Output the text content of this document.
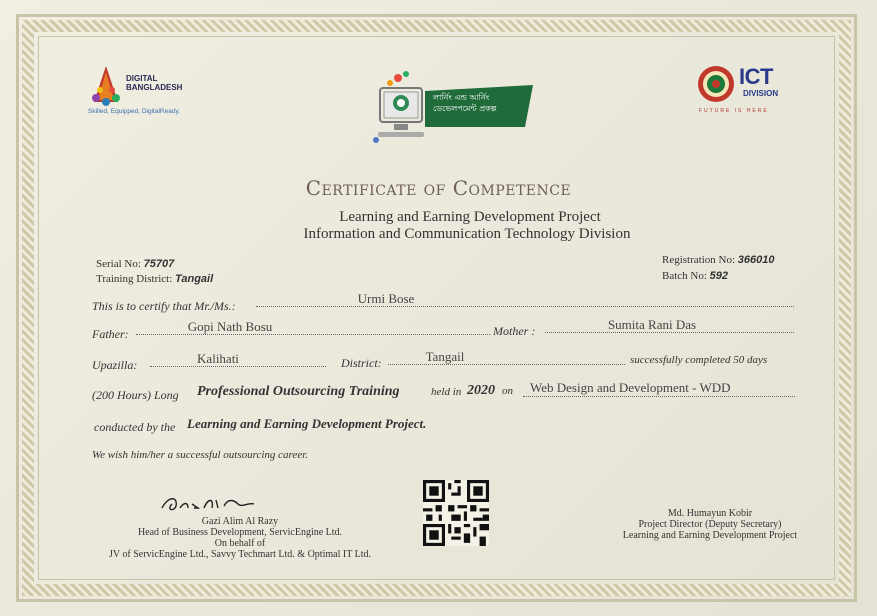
DIGITAL
BANGLADESH
Skilled, Equipped, DigitalReady.
লার্নিং এন্ড আর্নিং
ডেভেলপমেন্ট প্রকল্প
ICT
DIVISION
FUTURE IS HERE
Certificate of Competence
Learning and Earning Development Project
Information and Communication Technology Division
Serial No: 75707
Training District: Tangail
Registration No: 366010
Batch No: 592
This is to certify that Mr./Ms.:	Urmi Bose
Father:	Gopi Nath Bosu	Mother :	Sumita Rani Das
Upazilla:	Kalihati	District:	Tangail	successfully completed 50 days
(200 Hours) Long Professional Outsourcing Training	held in 2020 on Web Design and Development - WDD
conducted by the Learning and Earning Development Project.
We wish him/her a successful outsourcing career.
Gazi Alim Al Razy
Head of Business Development, ServicEngine Ltd.
On behalf of
JV of ServicEngine Ltd., Savvy Techmart Ltd. & Optimal IT Ltd.
Md. Humayun Kobir
Project Director (Deputy Secretary)
Learning and Earning Development Project
